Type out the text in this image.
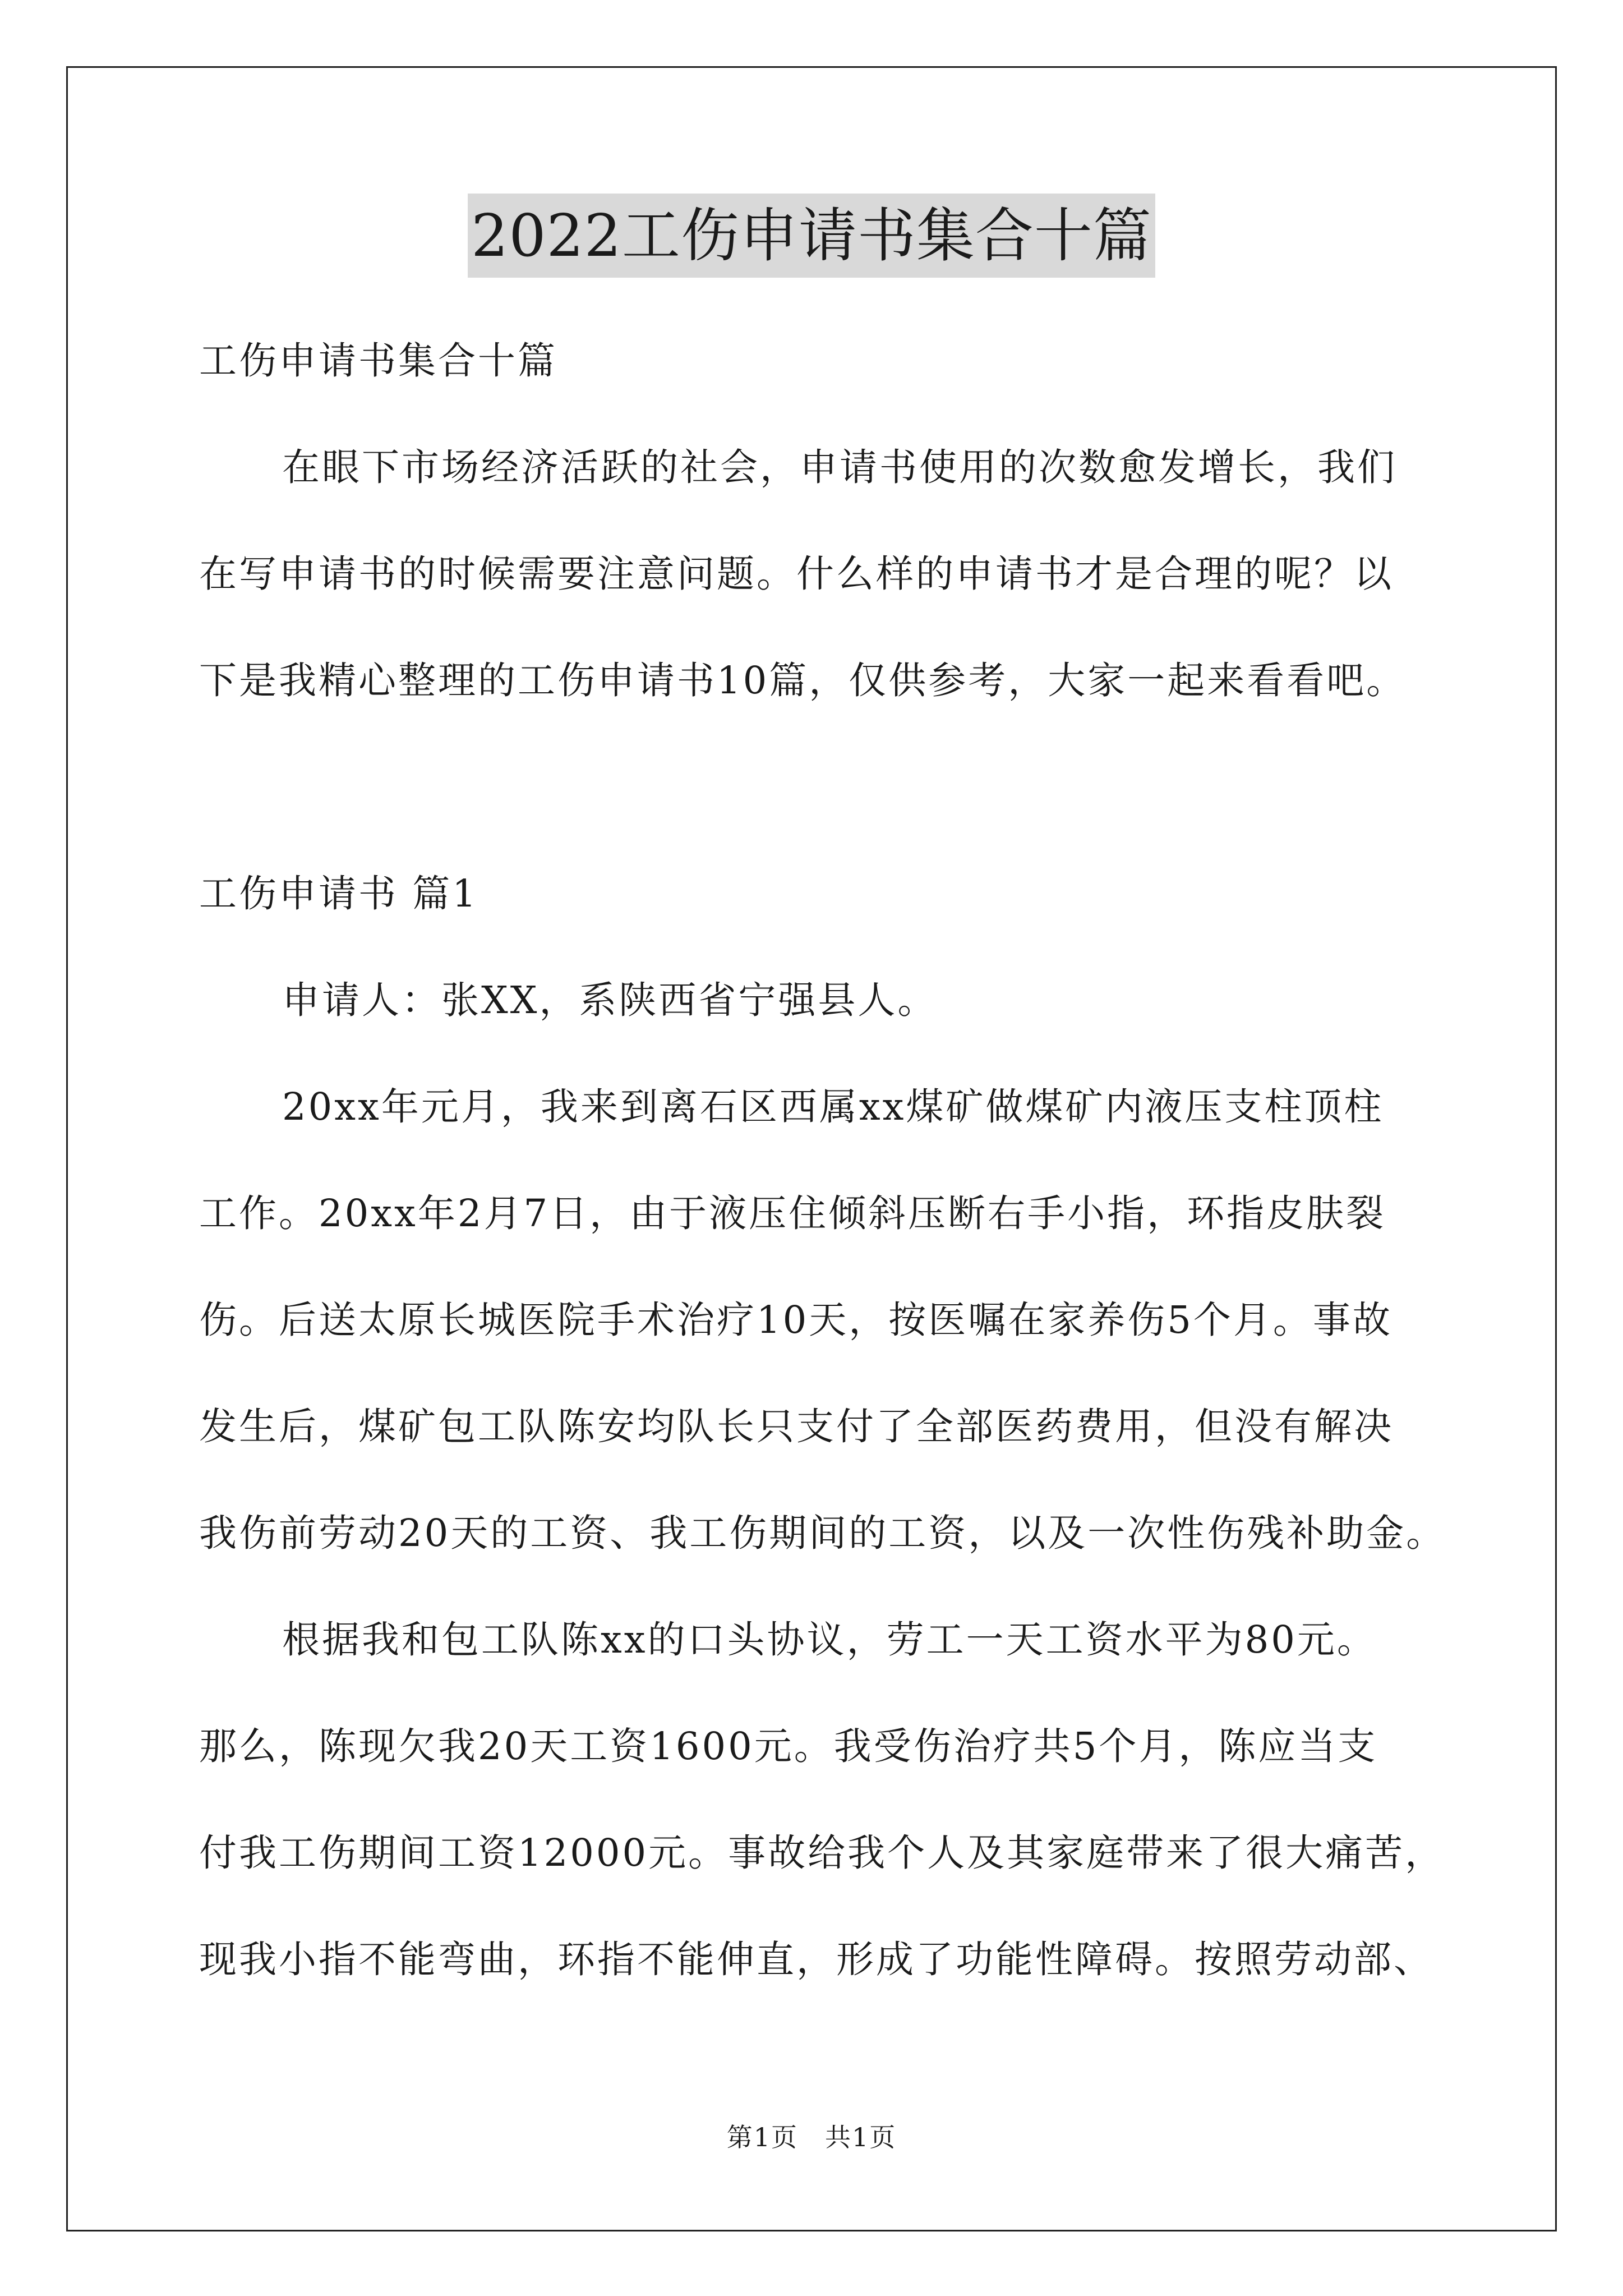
2022工伤申请书集合十篇
工伤申请书集合十篇
在眼下市场经济活跃的社会，申请书使用的次数愈发增长，我们
在写申请书的时候需要注意问题。什么样的申请书才是合理的呢？以
下是我精心整理的工伤申请书10篇，仅供参考，大家一起来看看吧。
工伤申请书 篇1
申请人：张XX，系陕西省宁强县人。
20xx年元月，我来到离石区西属xx煤矿做煤矿内液压支柱顶柱
工作。20xx年2月7日，由于液压住倾斜压断右手小指，环指皮肤裂
伤。后送太原长城医院手术治疗10天，按医嘱在家养伤5个月。事故
发生后，煤矿包工队陈安均队长只支付了全部医药费用，但没有解决
我伤前劳动20天的工资、我工伤期间的工资，以及一次性伤残补助金。
根据我和包工队陈xx的口头协议，劳工一天工资水平为80元。
那么，陈现欠我20天工资1600元。我受伤治疗共5个月，陈应当支
付我工伤期间工资12000元。事故给我个人及其家庭带来了很大痛苦，
现我小指不能弯曲，环指不能伸直，形成了功能性障碍。按照劳动部、
第1页　共1页
